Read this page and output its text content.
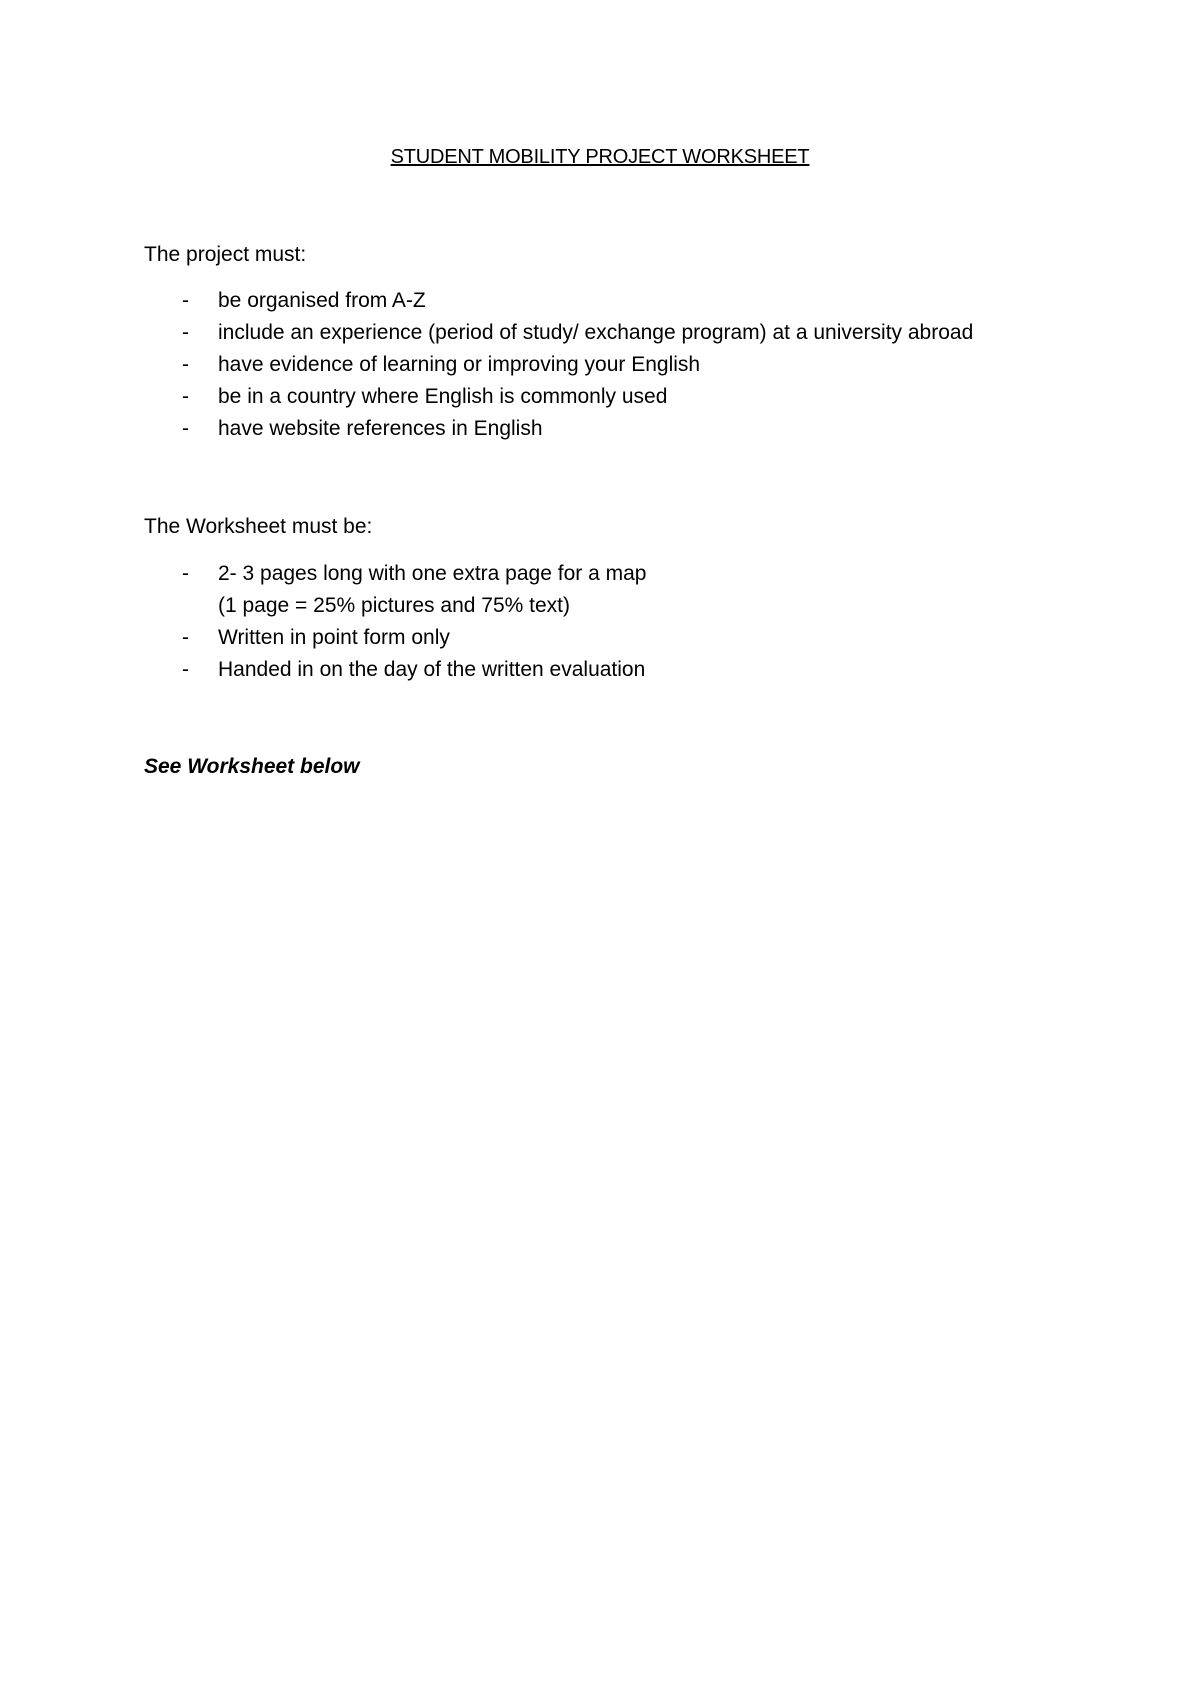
STUDENT MOBILITY PROJECT WORKSHEET
The project must:
- be organised from A-Z
- include an experience (period of study/ exchange program) at a university abroad
- have evidence of learning or improving your English
- be in a country where English is commonly used
- have website references in English
The Worksheet must be:
- 2- 3 pages long with one extra page for a map
(1 page = 25% pictures and 75% text)
- Written in point form only
- Handed in on the day of the written evaluation
See Worksheet below
